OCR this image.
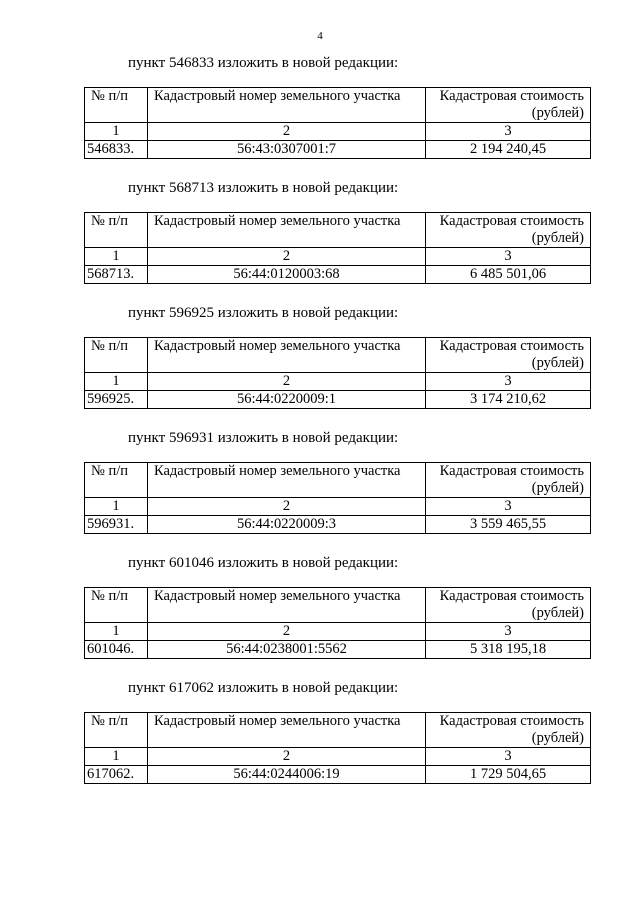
4
пункт 546833 изложить в новой редакции:
№ п/п	Кадастровый номер земельного участка	Кадастровая стоимость (рублей)
1	2	3
546833.	56:43:0307001:7	2 194 240,45
пункт 568713 изложить в новой редакции:
№ п/п	Кадастровый номер земельного участка	Кадастровая стоимость (рублей)
1	2	3
568713.	56:44:0120003:68	6 485 501,06
пункт 596925 изложить в новой редакции:
№ п/п	Кадастровый номер земельного участка	Кадастровая стоимость (рублей)
1	2	3
596925.	56:44:0220009:1	3 174 210,62
пункт 596931 изложить в новой редакции:
№ п/п	Кадастровый номер земельного участка	Кадастровая стоимость (рублей)
1	2	3
596931.	56:44:0220009:3	3 559 465,55
пункт 601046 изложить в новой редакции:
№ п/п	Кадастровый номер земельного участка	Кадастровая стоимость (рублей)
1	2	3
601046.	56:44:0238001:5562	5 318 195,18
пункт 617062 изложить в новой редакции:
№ п/п	Кадастровый номер земельного участка	Кадастровая стоимость (рублей)
1	2	3
617062.	56:44:0244006:19	1 729 504,65
